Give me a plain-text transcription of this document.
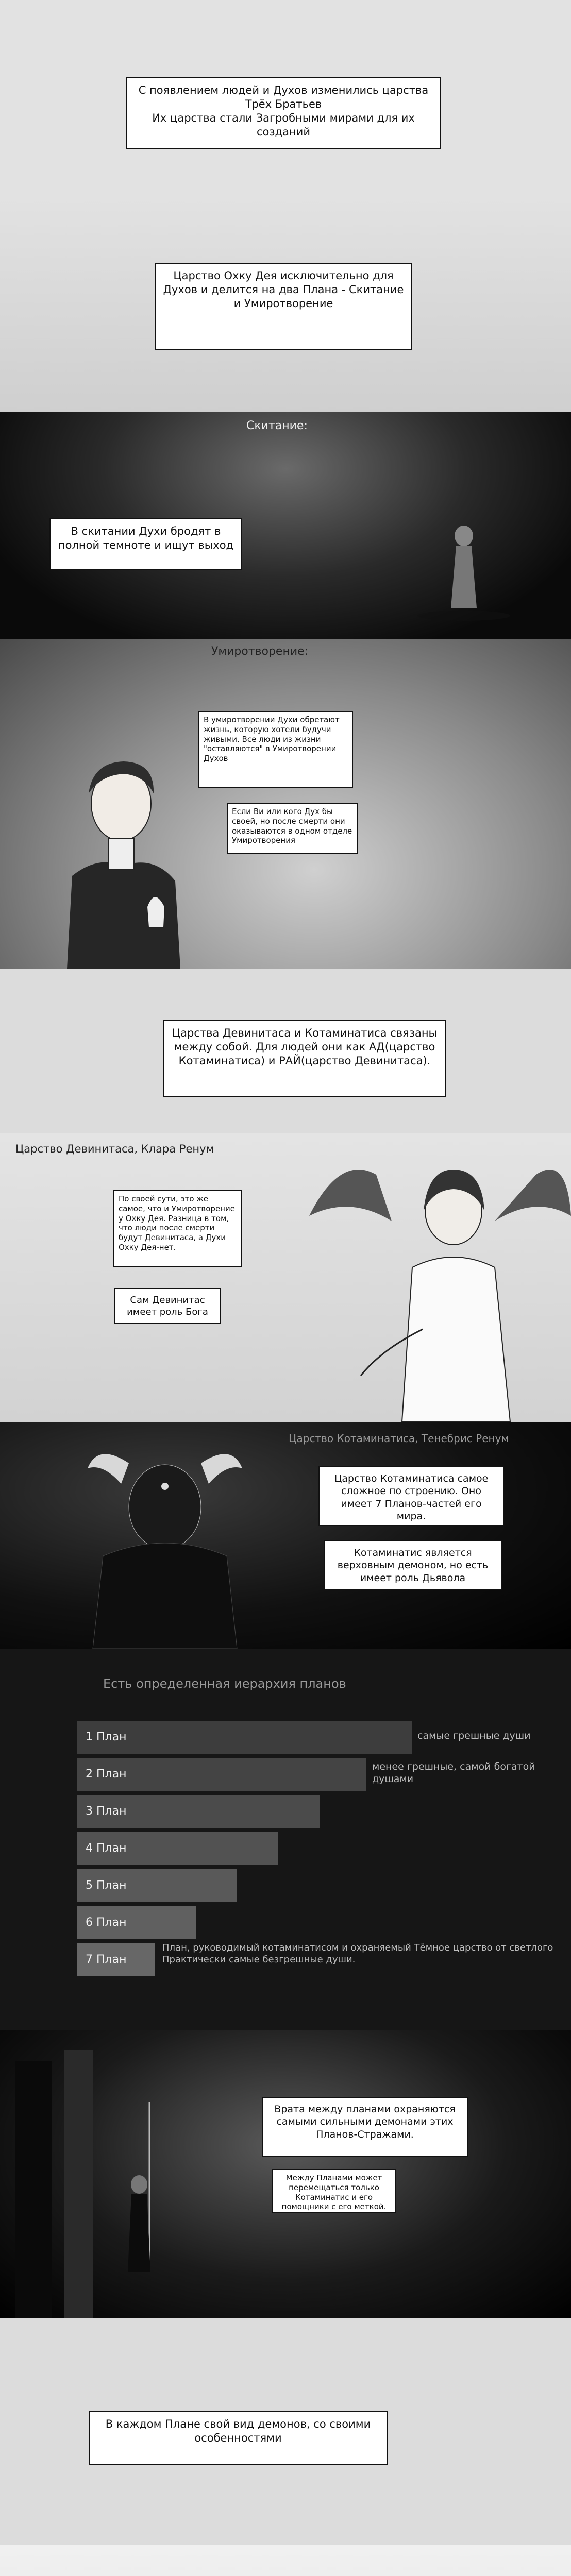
С появлением людей и Духов изменились царства Трёх Братьев
Их царства стали Загробными мирами для их созданий
Царство Охку Дея исключительно для Духов и делится на два Плана - Скитание и Умиротворение
Скитание:
В скитании Духи бродят в полной темноте и ищут выход
Умиротворение:
В умиротворении Духи обретают жизнь, которую хотели будучи живыми. Все люди из жизни "оставляются" в Умиротворении Духов
Если Ви или кого Дух бы своей, но после смерти они оказываются в одном отделе Умиротворения
Царства Девинитаса и Котаминатиса связаны между собой. Для людей они как АД(царство Котаминатиса) и РАЙ(царство Девинитаса).
Царство Девинитаса, Клара Ренум
По своей сути, это же самое, что и Умиротворение у Охку Дея. Разница в том, что люди после смерти будут Девинитаса, а Духи Охку Дея-нет.
Сам Девинитас имеет роль Бога
Царство Котаминатиса, Тенебрис Ренум
Царство Котаминатиса самое сложное по строению. Оно имеет 7 Планов-частей его мира.
Котаминатис является верховным демоном, но есть имеет роль Дьявола
Есть определенная иерархия планов
1 План
2 План
3 План
4 План
5 План
6 План
7 План
самые грешные души
менее грешные, самой богатой душами
План, руководимый котаминатисом и охраняемый Тёмное царство от светлого Практически самые безгрешные души.
Врата между планами охраняются самыми сильными демонами этих Планов-Стражами.
Между Планами может перемещаться только Котаминатис и его помощники с его меткой.
В каждом Плане свой вид демонов, со своими особенностями
